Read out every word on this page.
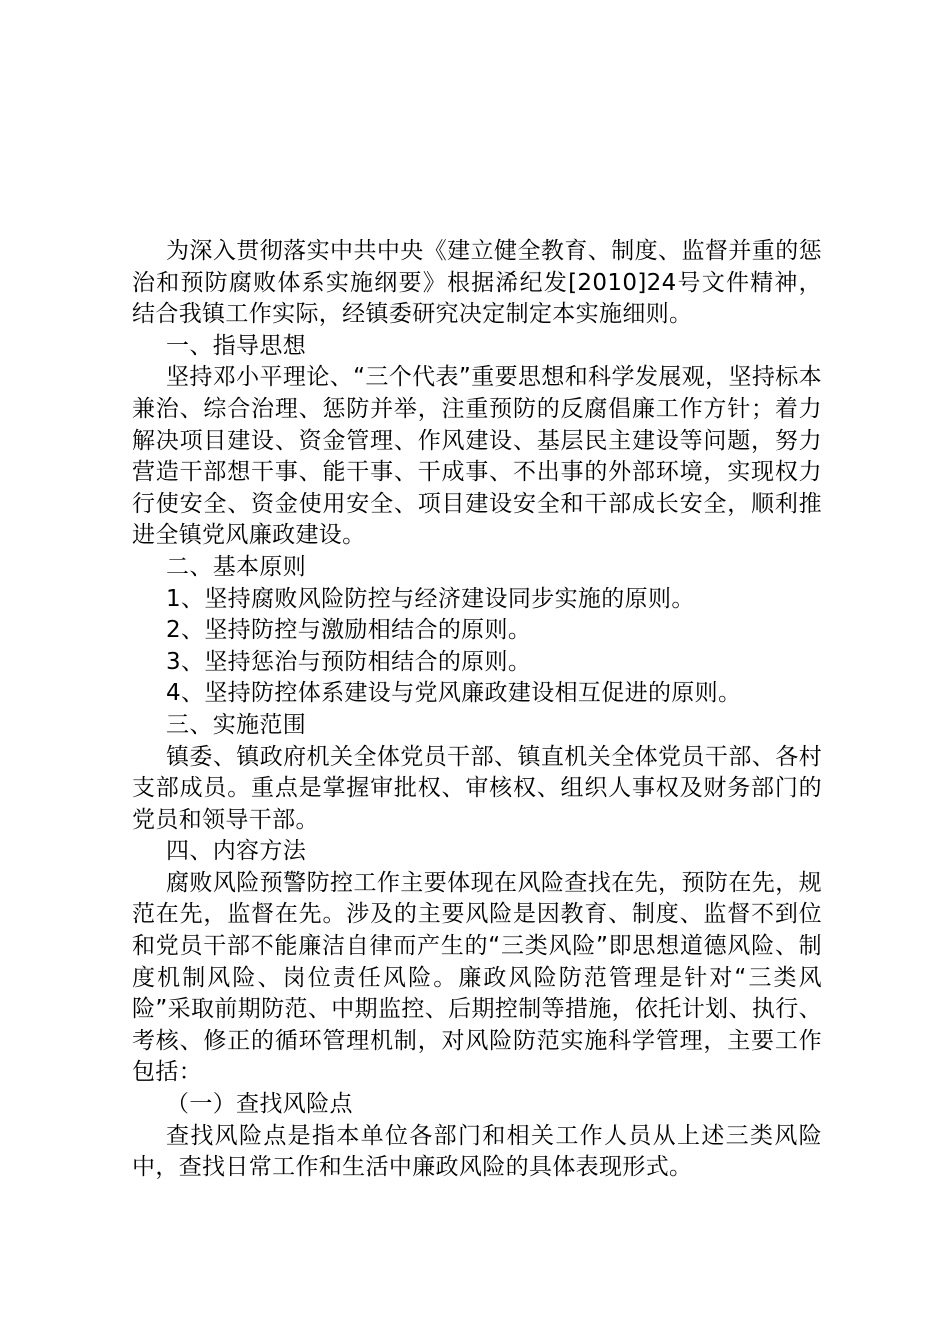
为深入贯彻落实中共中央《建立健全教育、制度、监督并重的惩治和预防腐败体系实施纲要》根据浠纪发[2010]24号文件精神，结合我镇工作实际，经镇委研究决定制定本实施细则。

一、指导思想

坚持邓小平理论、“三个代表”重要思想和科学发展观，坚持标本兼治、综合治理、惩防并举，注重预防的反腐倡廉工作方针；着力解决项目建设、资金管理、作风建设、基层民主建设等问题，努力营造干部想干事、能干事、干成事、不出事的外部环境，实现权力行使安全、资金使用安全、项目建设安全和干部成长安全，顺利推进全镇党风廉政建设。

二、基本原则

1、坚持腐败风险防控与经济建设同步实施的原则。

2、坚持防控与激励相结合的原则。

3、坚持惩治与预防相结合的原则。

4、坚持防控体系建设与党风廉政建设相互促进的原则。

三、实施范围

镇委、镇政府机关全体党员干部、镇直机关全体党员干部、各村支部成员。重点是掌握审批权、审核权、组织人事权及财务部门的党员和领导干部。

四、内容方法

腐败风险预警防控工作主要体现在风险查找在先，预防在先，规范在先，监督在先。涉及的主要风险是因教育、制度、监督不到位和党员干部不能廉洁自律而产生的“三类风险”即思想道德风险、制度机制风险、岗位责任风险。廉政风险防范管理是针对“三类风险”采取前期防范、中期监控、后期控制等措施，依托计划、执行、考核、修正的循环管理机制，对风险防范实施科学管理，主要工作包括：

（一）查找风险点

查找风险点是指本单位各部门和相关工作人员从上述三类风险中，查找日常工作和生活中廉政风险的具体表现形式。
